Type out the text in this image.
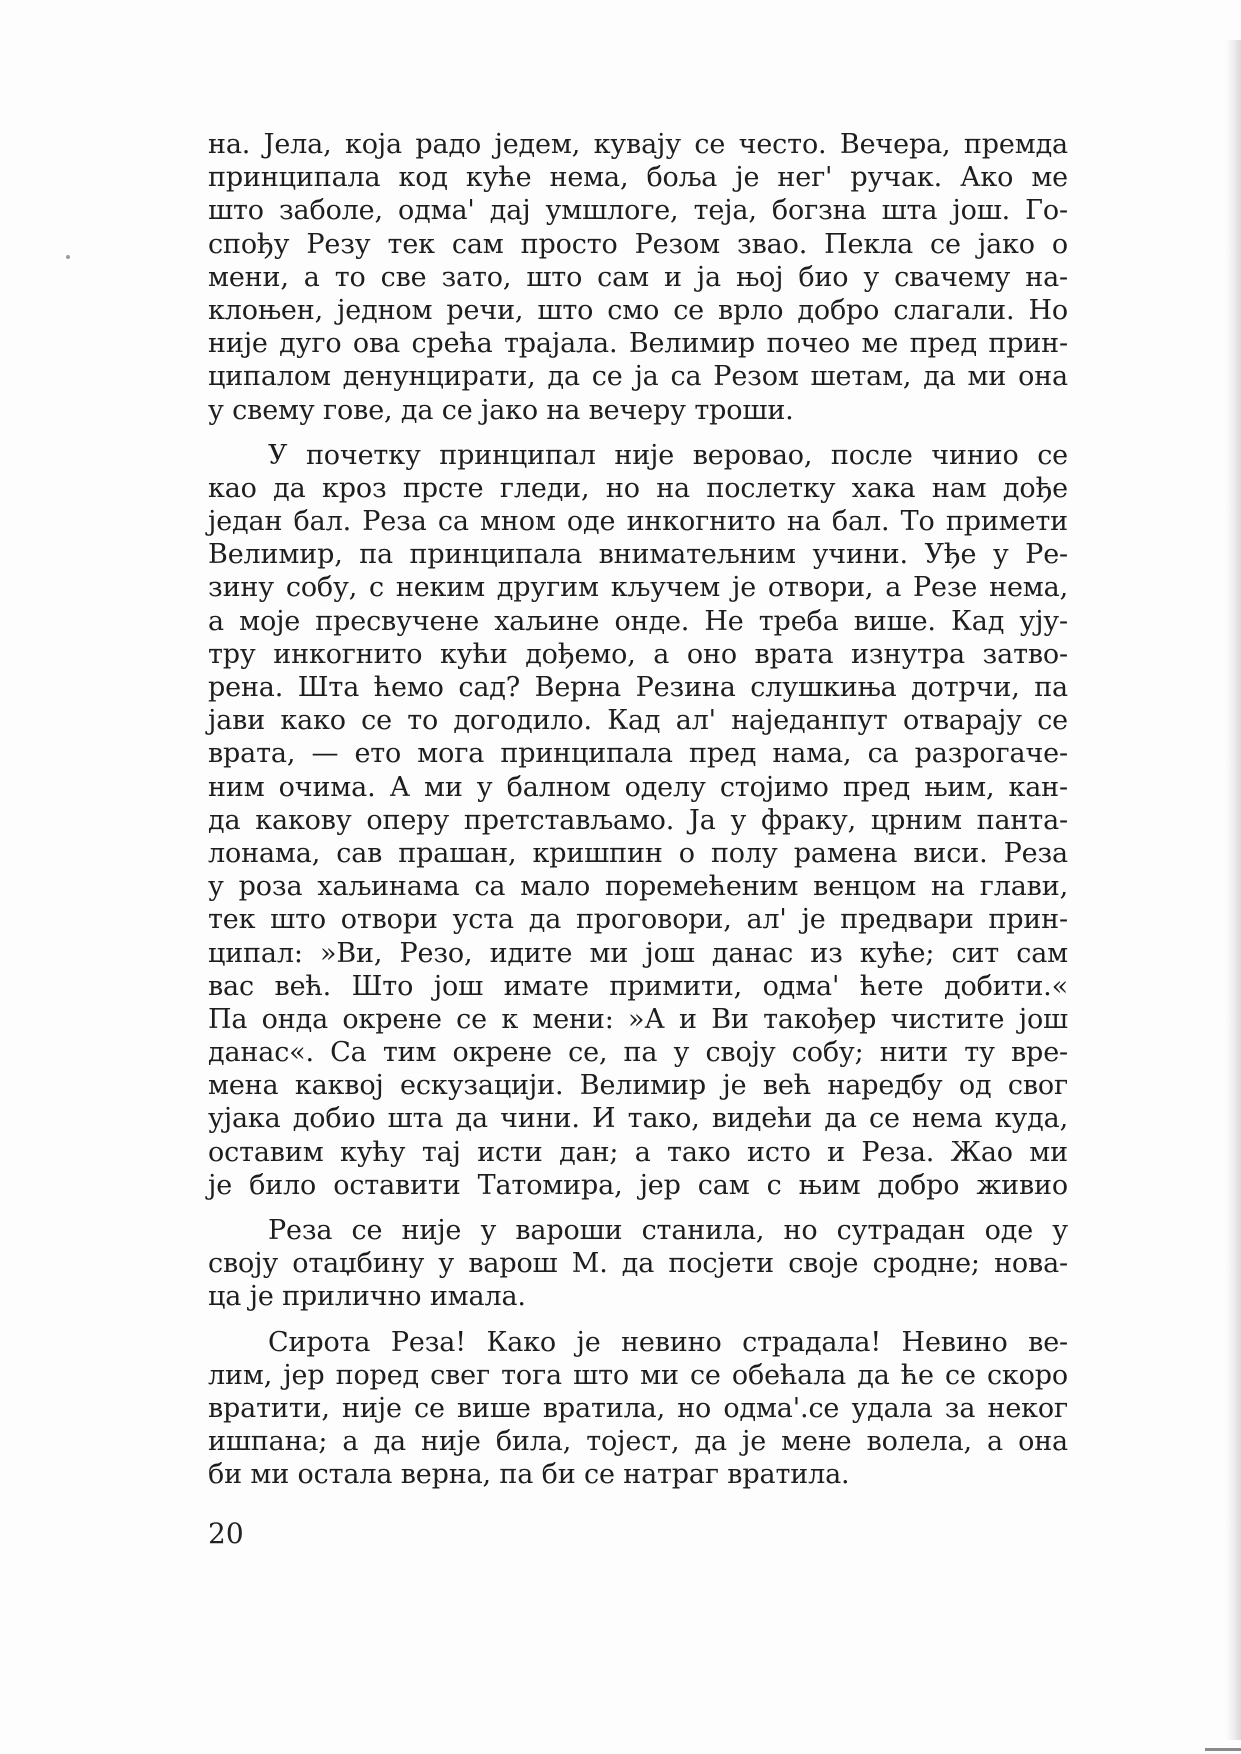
на. Јела, која радо једем, кувају се често. Вечера, премда
принципала код куће нема, боља је нег' ручак. Ако ме
што заболе, одма' дај умшлоге, теја, богзна шта још. Го-
спођу Резу тек сам просто Резом звао. Пекла се јако о
мени, а то све зато, што сам и ја њој био у свачему на-
клоњен, једном речи, што смо се врло добро слагали. Но
није дуго ова срећа трајала. Велимир почео ме пред прин-
ципалом денунцирати, да се ја са Резом шетам, да ми она
у свему гове, да се јако на вечеру троши.
У почетку принципал није веровао, после чинио се
као да кроз прсте гледи, но на послетку хака нам дође
један бал. Реза са мном оде инкогнито на бал. То примети
Велимир, па принципала вниматељним учини. Уђе у Ре-
зину собу, с неким другим кључем је отвори, а Резе нема,
а моје пресвучене хаљине онде. Не треба више. Кад ују-
тру инкогнито кући дођемо, а оно врата изнутра затво-
рена. Шта ћемо сад? Верна Резина слушкиња дотрчи, па
јави како се то догодило. Кад ал' наједанпут отварају се
врата, — ето мога принципала пред нама, са разрогаче-
ним очима. А ми у балном оделу стојимо пред њим, кан-
да какову оперу претстављамо. Ја у фраку, црним панта-
лонама, сав прашан, кришпин о полу рамена виси. Реза
у роза хаљинама са мало поремећеним венцом на глави,
тек што отвори уста да проговори, ал' је предвари прин-
ципал: »Ви, Резо, идите ми још данас из куће; сит сам
вас већ. Што још имате примити, одма' ћете добити.«
Па онда окрене се к мени: »А и Ви такођер чистите још
данас«. Са тим окрене се, па у своју собу; нити ту вре-
мена каквој ескузацији. Велимир је већ наредбу од свог
ујака добио шта да чини. И тако, видећи да се нема куда,
оставим кућу тај исти дан; а тако исто и Реза. Жао ми
је било оставити Татомира, јер сам с њим добро живио
Реза се није у вароши станила, но сутрадан оде у
своју отаџбину у варош М. да посјети своје сродне; нова-
ца је прилично имала.
Сирота Реза! Како је невино страдала! Невино ве-
лим, јер поред свег тога што ми се обећала да ће се скоро
вратити, није се више вратила, но одма'.се удала за неког
ишпана; а да није била, тојест, да је мене волела, а она
би ми остала верна, па би се натраг вратила.
20
